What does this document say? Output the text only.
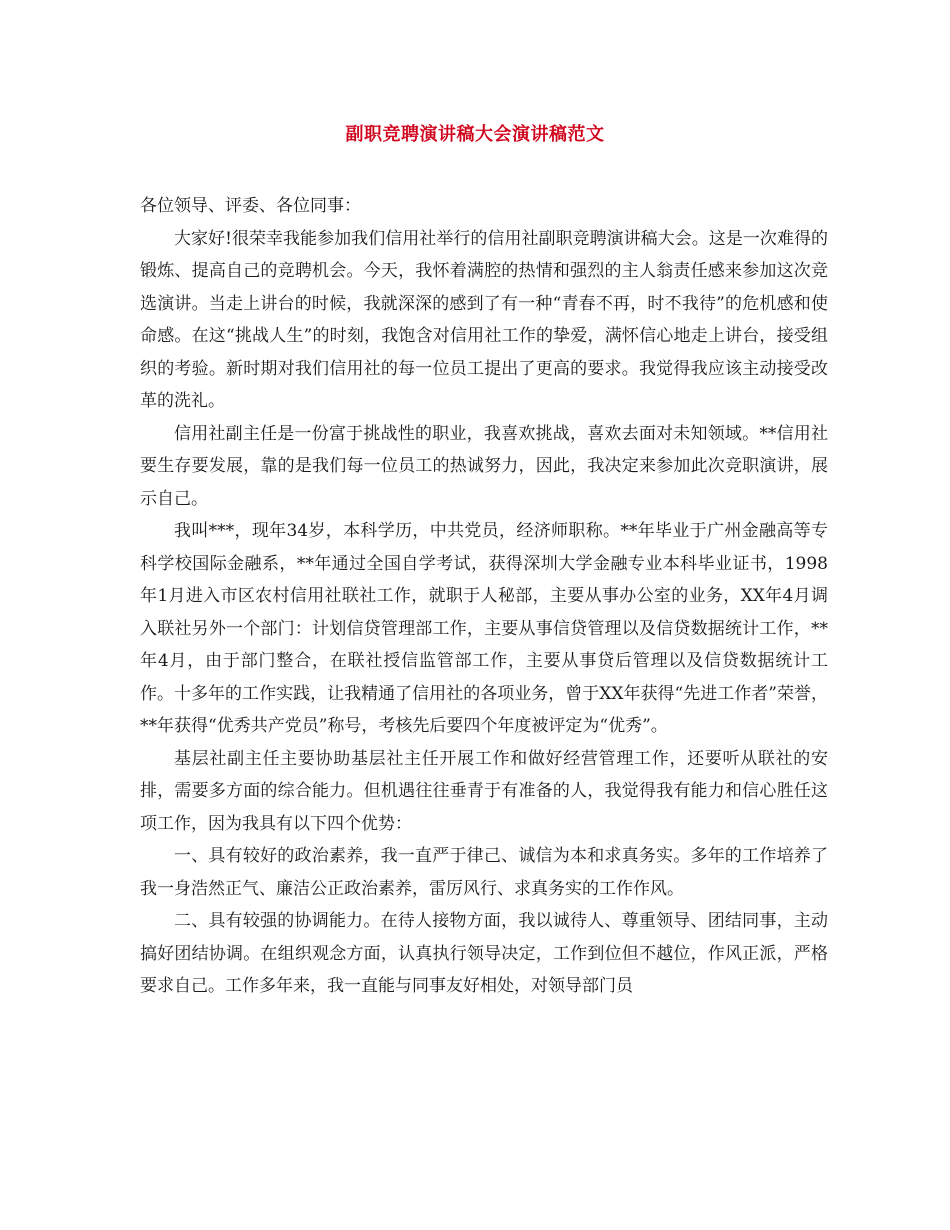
副职竞聘演讲稿大会演讲稿范文

各位领导、评委、各位同事：

大家好!很荣幸我能参加我们信用社举行的信用社副职竞聘演讲稿大会。这是一次难得的锻炼、提高自己的竞聘机会。今天，我怀着满腔的热情和强烈的主人翁责任感来参加这次竞选演讲。当走上讲台的时候，我就深深的感到了有一种“青春不再，时不我待”的危机感和使命感。在这“挑战人生”的时刻，我饱含对信用社工作的挚爱，满怀信心地走上讲台，接受组织的考验。新时期对我们信用社的每一位员工提出了更高的要求。我觉得我应该主动接受改革的洗礼。

信用社副主任是一份富于挑战性的职业，我喜欢挑战，喜欢去面对未知领域。**信用社要生存要发展，靠的是我们每一位员工的热诚努力，因此，我决定来参加此次竞职演讲，展示自己。

我叫***，现年34岁，本科学历，中共党员，经济师职称。**年毕业于广州金融高等专科学校国际金融系，**年通过全国自学考试，获得深圳大学金融专业本科毕业证书，1998年1月进入市区农村信用社联社工作，就职于人秘部，主要从事办公室的业务，XX年4月调入联社另外一个部门：计划信贷管理部工作，主要从事信贷管理以及信贷数据统计工作，**年4月，由于部门整合，在联社授信监管部工作，主要从事贷后管理以及信贷数据统计工作。十多年的工作实践，让我精通了信用社的各项业务，曾于XX年获得“先进工作者”荣誉，**年获得“优秀共产党员”称号，考核先后要四个年度被评定为“优秀”。

基层社副主任主要协助基层社主任开展工作和做好经营管理工作，还要听从联社的安排，需要多方面的综合能力。但机遇往往垂青于有准备的人，我觉得我有能力和信心胜任这项工作，因为我具有以下四个优势：

一、具有较好的政治素养，我一直严于律己、诚信为本和求真务实。多年的工作培养了我一身浩然正气、廉洁公正政治素养，雷厉风行、求真务实的工作作风。

二、具有较强的协调能力。在待人接物方面，我以诚待人、尊重领导、团结同事，主动搞好团结协调。在组织观念方面，认真执行领导决定，工作到位但不越位，作风正派，严格要求自己。工作多年来，我一直能与同事友好相处，对领导部门员
